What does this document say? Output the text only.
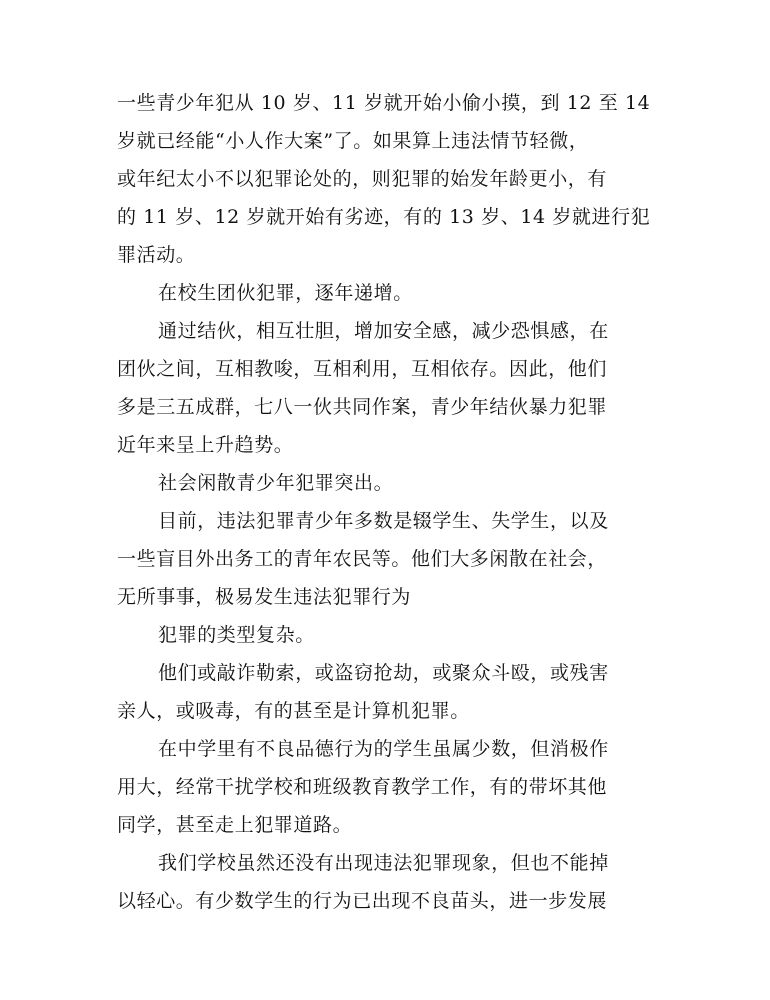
一些青少年犯从 10 岁、11 岁就开始小偷小摸，到 12 至 14
岁就已经能“小人作大案”了。如果算上违法情节轻微，
或年纪太小不以犯罪论处的，则犯罪的始发年龄更小，有
的 11 岁、12 岁就开始有劣迹，有的 13 岁、14 岁就进行犯
罪活动。
在校生团伙犯罪，逐年递增。
通过结伙，相互壮胆，增加安全感，减少恐惧感，在
团伙之间，互相教唆，互相利用，互相依存。因此，他们
多是三五成群，七八一伙共同作案，青少年结伙暴力犯罪
近年来呈上升趋势。
社会闲散青少年犯罪突出。
目前，违法犯罪青少年多数是辍学生、失学生，以及
一些盲目外出务工的青年农民等。他们大多闲散在社会，
无所事事，极易发生违法犯罪行为
犯罪的类型复杂。
他们或敲诈勒索，或盗窃抢劫，或聚众斗殴，或残害
亲人，或吸毒，有的甚至是计算机犯罪。
在中学里有不良品德行为的学生虽属少数，但消极作
用大，经常干扰学校和班级教育教学工作，有的带坏其他
同学，甚至走上犯罪道路。
我们学校虽然还没有出现违法犯罪现象，但也不能掉
以轻心。有少数学生的行为已出现不良苗头，进一步发展
